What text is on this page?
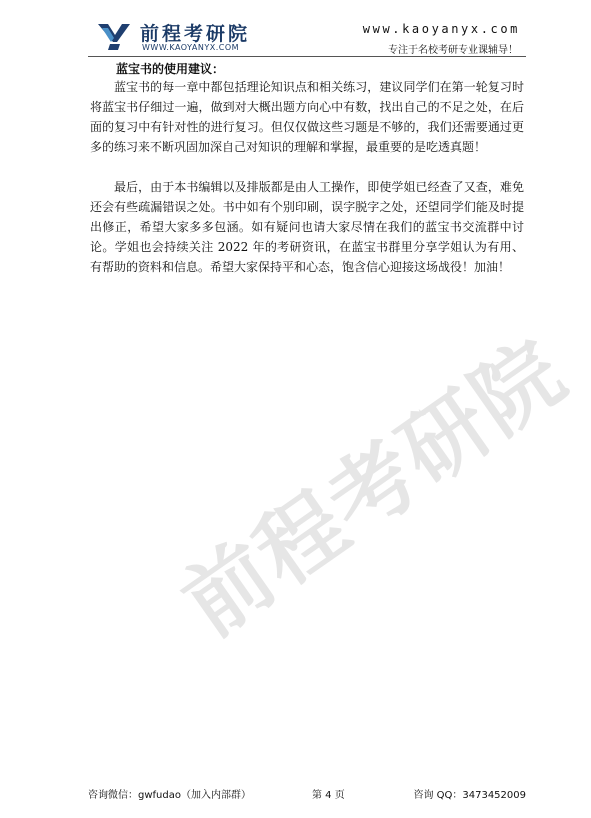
前程考研院
WWW.KAOYANYX.COM
www.kaoyanyx.com
专注于名校考研专业课辅导！

蓝宝书的使用建议：

蓝宝书的每一章中都包括理论知识点和相关练习，建议同学们在第一轮复习时将蓝宝书仔细过一遍，做到对大概出题方向心中有数，找出自己的不足之处，在后面的复习中有针对性的进行复习。但仅仅做这些习题是不够的，我们还需要通过更多的练习来不断巩固加深自己对知识的理解和掌握，最重要的是吃透真题！

最后，由于本书编辑以及排版都是由人工操作，即使学姐已经查了又查，难免还会有些疏漏错误之处。书中如有个别印刷，误字脱字之处，还望同学们能及时提出修正，希望大家多多包涵。如有疑问也请大家尽情在我们的蓝宝书交流群中讨论。学姐也会持续关注 2022 年的考研资讯，在蓝宝书群里分享学姐认为有用、有帮助的资料和信息。希望大家保持平和心态，饱含信心迎接这场战役！加油！

前程考研院
咨询微信：gwfudao（加入内部群）	第 4 页	咨询 QQ：3473452009
